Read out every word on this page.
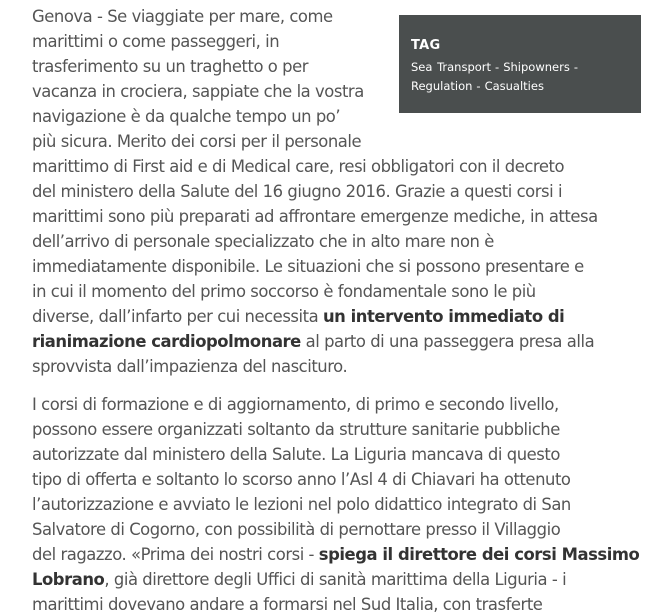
TAG
Sea Transport - Shipowners -
Regulation - Casualties
Genova - Se viaggiate per mare, come
marittimi o come passeggeri, in
trasferimento su un traghetto o per
vacanza in crociera, sappiate che la vostra
navigazione è da qualche tempo un po’
più sicura. Merito dei corsi per il personale
marittimo di First aid e di Medical care, resi obbligatori con il decreto
del ministero della Salute del 16 giugno 2016. Grazie a questi corsi i
marittimi sono più preparati ad affrontare emergenze mediche, in attesa
dell’arrivo di personale specializzato che in alto mare non è
immediatamente disponibile. Le situazioni che si possono presentare e
in cui il momento del primo soccorso è fondamentale sono le più
diverse, dall’infarto per cui necessita un intervento immediato di
rianimazione cardiopolmonare al parto di una passeggera presa alla
sprovvista dall’impazienza del nascituro.
I corsi di formazione e di aggiornamento, di primo e secondo livello,
possono essere organizzati soltanto da strutture sanitarie pubbliche
autorizzate dal ministero della Salute. La Liguria mancava di questo
tipo di offerta e soltanto lo scorso anno l’Asl 4 di Chiavari ha ottenuto
l’autorizzazione e avviato le lezioni nel polo didattico integrato di San
Salvatore di Cogorno, con possibilità di pernottare presso il Villaggio
del ragazzo. «Prima dei nostri corsi - spiega il direttore dei corsi Massimo
Lobrano, già direttore degli Uffici di sanità marittima della Liguria - i
marittimi dovevano andare a formarsi nel Sud Italia, con trasferte
